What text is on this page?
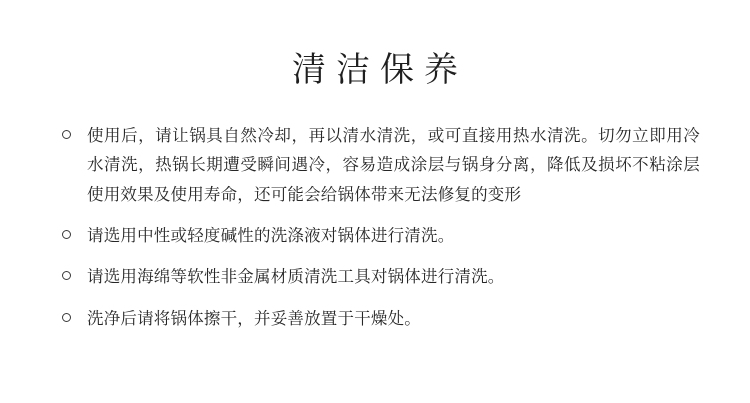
清洁保养
使用后，请让锅具自然冷却，再以清水清洗，或可直接用热水清洗。切勿立即用冷水清洗，热锅长期遭受瞬间遇冷，容易造成涂层与锅身分离，降低及损坏不粘涂层使用效果及使用寿命，还可能会给锅体带来无法修复的变形
请选用中性或轻度碱性的洗涤液对锅体进行清洗。
请选用海绵等软性非金属材质清洗工具对锅体进行清洗。
洗净后请将锅体擦干，并妥善放置于干燥处。
